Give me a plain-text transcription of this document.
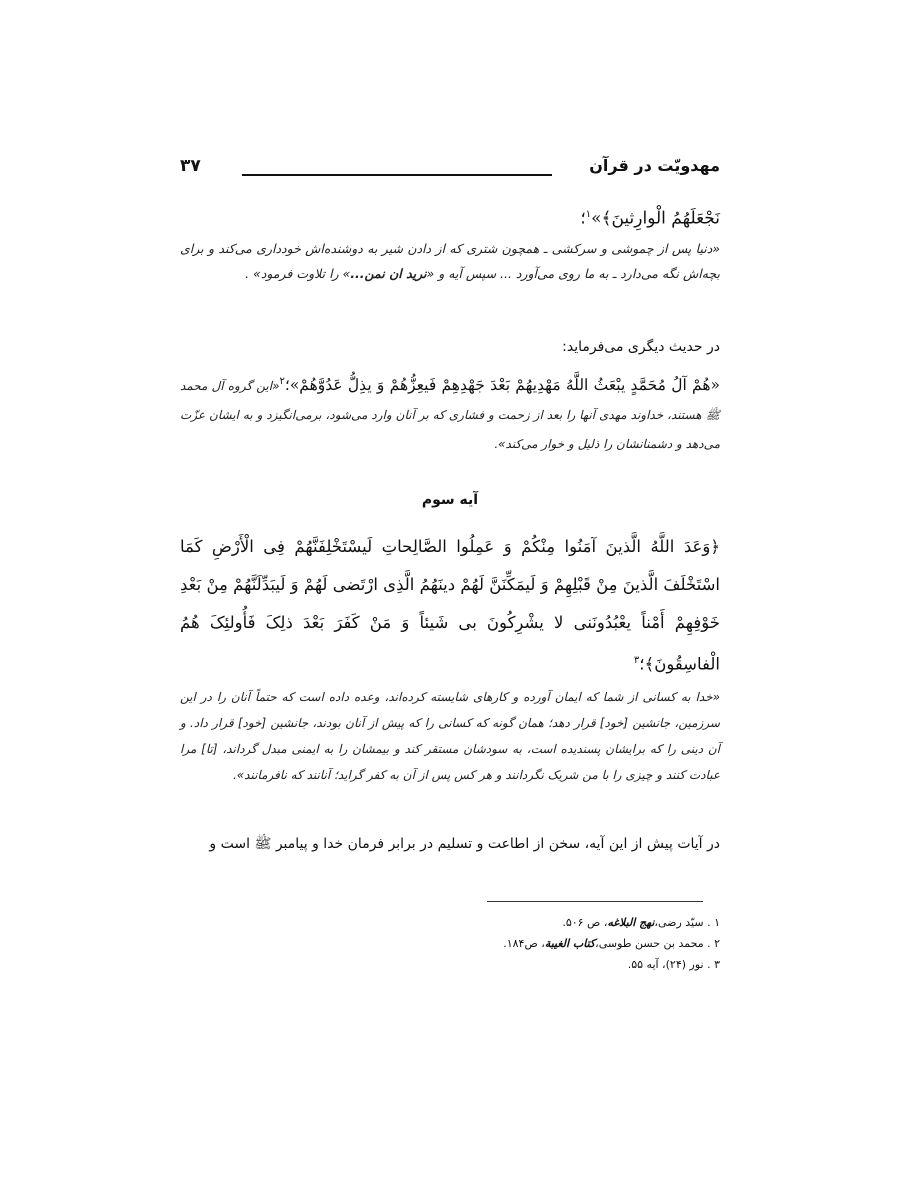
مهدويّت در قرآن
۳۷
نَجْعَلَهُمُ الْوارِثینَ﴾»$^۱$؛
«دنیا پس از چموشی و سرکشی ـ همچون شتری که از دادن شیر به دوشنده‌اش خودداری می‌کند و برای بچه‌اش نگه می‌دارد ـ به ما روی می‌آورد ... سپس آیه و «نرید ان نمن...» را تلاوت فرمود» .
در حدیث دیگری می‌فرماید:
«هُمْ آلُ مُحَمَّدٍ یبْعَثُ اللَّهُ مَهْدِیهُمْ بَعْدَ جَهْدِهِمْ فَیعِزُّهُمْ وَ یذِلُّ عَدُوَّهُمْ»؛$^۲$«این گروه آل محمد ﷺ هستند، خداوند مهدی آنها را بعد از زحمت و فشاری که بر آنان وارد می‌شود، برمی‌انگیزد و به ایشان عزّت می‌دهد و دشمنانشان را ذلیل و خوار می‌کند».
آیه سوم
﴿وَعَدَ اللَّهُ الَّذینَ آمَنُوا مِنْکُمْ وَ عَمِلُوا الصَّالِحاتِ لَیسْتَخْلِفَنَّهُمْ فِی الْأَرْضِ کَمَا اسْتَخْلَفَ الَّذینَ مِنْ قَبْلِهِمْ وَ لَیمَکِّنَنَّ لَهُمْ دینَهُمُ الَّذِی ارْتَضی لَهُمْ وَ لَیبَدِّلَنَّهُمْ مِنْ بَعْدِ خَوْفِهِمْ أَمْناً یعْبُدُونَنی لا یشْرِکُونَ بی شَیئاً وَ مَنْ کَفَرَ بَعْدَ ذلِکَ فَأُولئِکَ هُمُ الْفاسِقُونَ﴾؛$^۳$
«خدا به کسانی از شما که ایمان آورده و کارهای شایسته کرده‌اند، وعده داده است که حتماً آنان را در این سرزمین، جانشین [خود] قرار دهد؛ همان گونه که کسانی را که پیش از آنان بودند، جانشین [خود] قرار داد. و آن دینی را که برایشان پسندیده است، به سودشان مستقر کند و بیمشان را به ایمنی مبدل گرداند، [تا] مرا عبادت کنند و چیزی را با من شریک نگردانند و هر کس پس از آن به کفر گراید؛ آنانند که نافرمانند».
در آیات پیش از این آیه، سخن از اطاعت و تسلیم در برابر فرمان خدا و پیامبر ﷺ است و
۱ . سیّد رضی،نهج البلاغه، ص ۵۰۶.
۲ . محمد بن حسن طوسی،کتاب الغیبة، ص۱۸۴.
۳ . نور (۲۴)، آیه ۵۵.
